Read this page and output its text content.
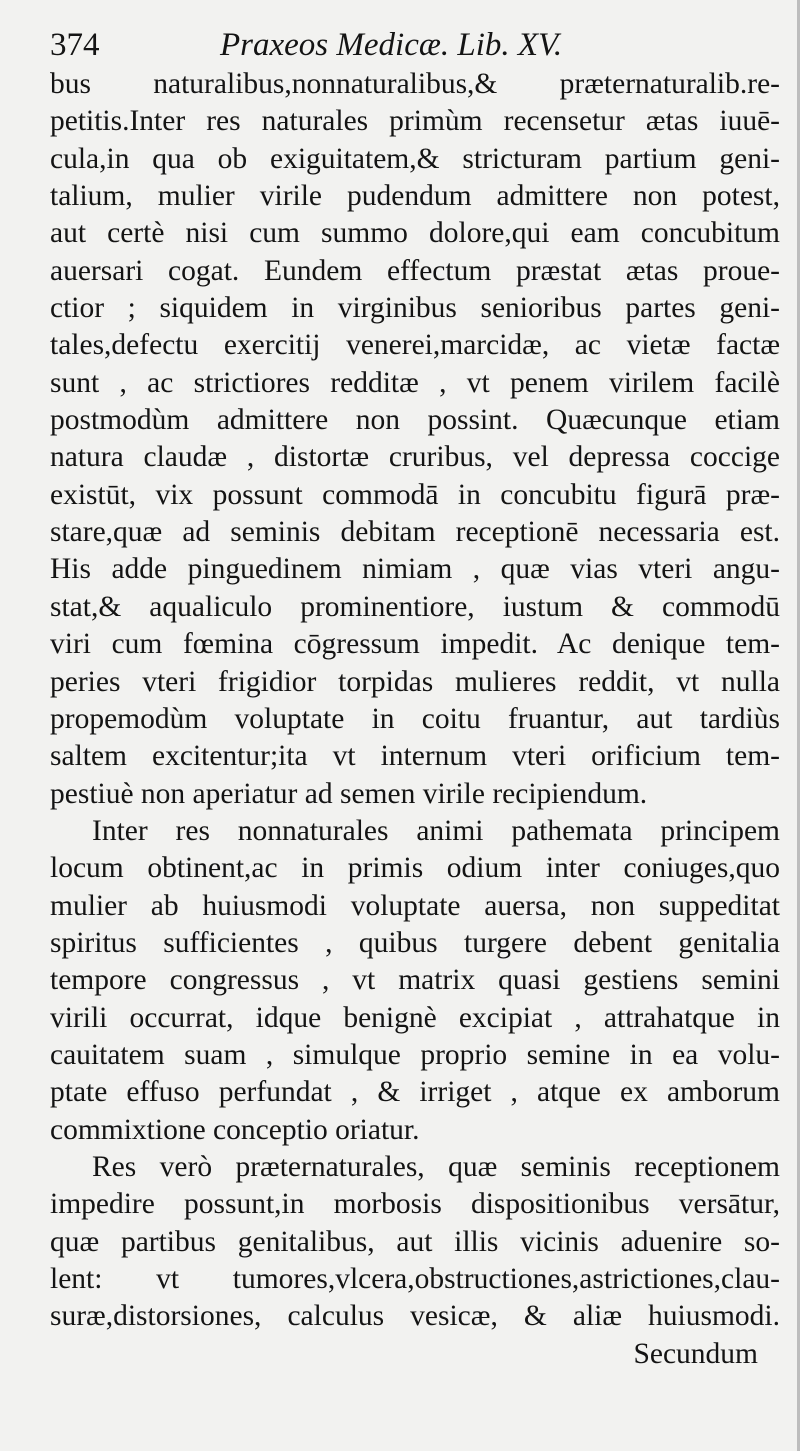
374	Praxeos Medicæ. Lib. XV.
bus naturalibus,nonnaturalibus,& præternaturalib.re-
petitis.Inter res naturales primùm recensetur ætas iuuē-
cula,in qua ob exiguitatem,& stricturam partium geni-
talium, mulier virile pudendum admittere non potest,
aut certè nisi cum summo dolore,qui eam concubitum
auersari cogat. Eundem effectum præstat ætas proue-
ctior ; siquidem in virginibus senioribus partes geni-
tales,defectu exercitij venerei,marcidæ, ac vietæ factæ
sunt , ac strictiores redditæ , vt penem virilem facilè
postmodùm admittere non possint. Quæcunque etiam
natura claudæ , distortæ cruribus, vel depressa coccige
existūt, vix possunt commodā in concubitu figurā præ-
stare,quæ ad seminis debitam receptionē necessaria est.
His adde pinguedinem nimiam , quæ vias vteri angu-
stat,& aqualiculo prominentiore, iustum & commodū
viri cum fœmina cōgressum impedit. Ac denique tem-
peries vteri frigidior torpidas mulieres reddit, vt nulla
propemodùm voluptate in coitu fruantur, aut tardiùs
saltem excitentur;ita vt internum vteri orificium tem-
pestiuè non aperiatur ad semen virile recipiendum.
Inter res nonnaturales animi pathemata principem
locum obtinent,ac in primis odium inter coniuges,quo
mulier ab huiusmodi voluptate auersa, non suppeditat
spiritus sufficientes , quibus turgere debent genitalia
tempore congressus , vt matrix quasi gestiens semini
virili occurrat, idque benignè excipiat , attrahatque in
cauitatem suam , simulque proprio semine in ea volu-
ptate effuso perfundat , & irriget , atque ex amborum
commixtione conceptio oriatur.
Res verò præternaturales, quæ seminis receptionem
impedire possunt,in morbosis dispositionibus versātur,
quæ partibus genitalibus, aut illis vicinis aduenire so-
lent: vt tumores,vlcera,obstructiones,astrictiones,clau-
suræ,distorsiones, calculus vesicæ, & aliæ huiusmodi.
Secundum
